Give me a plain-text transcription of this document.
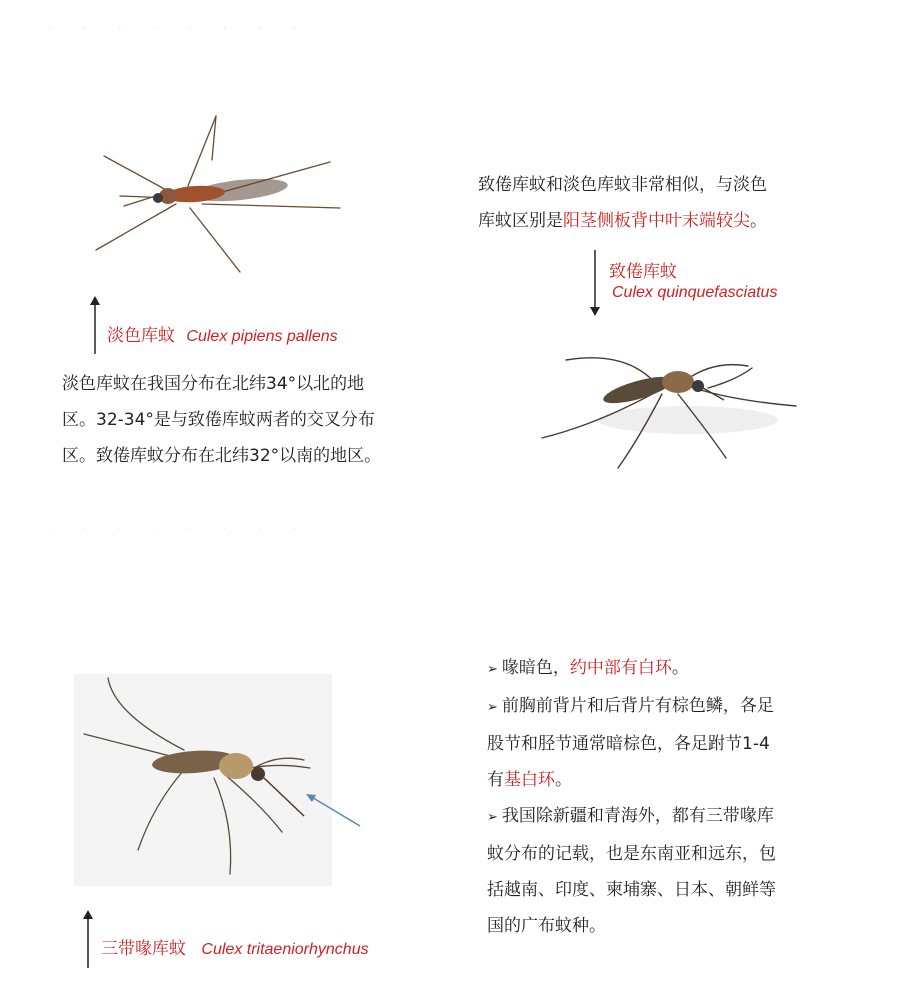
· · · · · · · ·
· · · · · · · ·
淡色库蚊 Culex pipiens pallens
淡色库蚊在我国分布在北纬34°以北的地
区。32-34°是与致倦库蚊两者的交叉分布
区。致倦库蚊分布在北纬32°以南的地区。
致倦库蚊和淡色库蚊非常相似，与淡色
库蚊区别是阳茎侧板背中叶末端较尖。
致倦库蚊
Culex quinquefasciatus
三带喙库蚊 Culex tritaeniorhynchus
➢ 喙暗色，约中部有白环。
➢ 前胸前背片和后背片有棕色鳞，各足
股节和胫节通常暗棕色，各足跗节1-4
有基白环。
➢ 我国除新疆和青海外，都有三带喙库
蚊分布的记载，也是东南亚和远东，包
括越南、印度、柬埔寨、日本、朝鲜等
国的广布蚊种。
